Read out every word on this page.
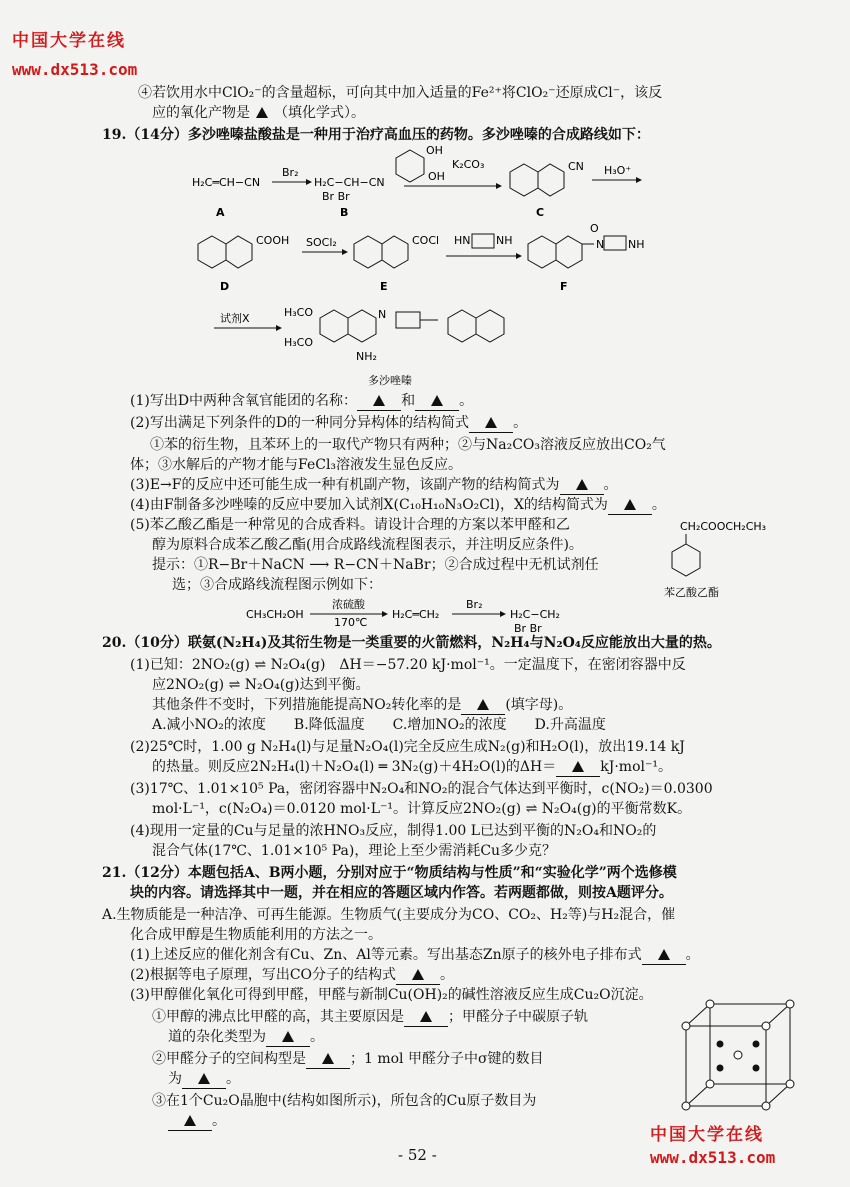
中国大学在线
www.dx513.com
中国大学在线
www.dx513.com
- 52 -
④若饮用水中ClO₂⁻的含量超标，可向其中加入适量的Fe²⁺将ClO₂⁻还原成Cl⁻，该反
应的氧化产物是 （填化学式）。
19.（14分）多沙唑嗪盐酸盐是一种用于治疗高血压的药物。多沙唑嗪的合成路线如下：
H₂C═CH−CN
A
Br₂
H₂C−CH−CN
Br Br
B
OH
OH
K₂CO₃	CN
C
H₃O⁺
COOH
D
SOCl₂	COCl
E
HN NH
O
N NH
F
试剂X	H₃CO
H₃CO
NH₂
N
多沙唑嗪
(1)写出D中两种含氧官能团的名称：	和	。
(2)写出满足下列条件的D的一种同分异构体的结构简式	。
①苯的衍生物，且苯环上的一取代产物只有两种；②与Na₂CO₃溶液反应放出CO₂气
体；③水解后的产物才能与FeCl₃溶液发生显色反应。
(3)E→F的反应中还可能生成一种有机副产物，该副产物的结构简式为	。
(4)由F制备多沙唑嗪的反应中要加入试剂X(C₁₀H₁₀N₃O₂Cl)，X的结构简式为	。
(5)苯乙酸乙酯是一种常见的合成香料。请设计合理的方案以苯甲醛和乙
醇为原料合成苯乙酸乙酯(用合成路线流程图表示，并注明反应条件)。
提示：①R−Br＋NaCN ⟶ R−CN＋NaBr；②合成过程中无机试剂任
选；③合成路线流程图示例如下：
CH₂COOCH₂CH₃
苯乙酸乙酯
CH₃CH₂OH
浓硫酸
170℃
H₂C═CH₂
Br₂
H₂C−CH₂
Br Br
20.（10分）联氨(N₂H₄)及其衍生物是一类重要的火箭燃料，N₂H₄与N₂O₄反应能放出大量的热。
(1)已知：2NO₂(g) ⇌ N₂O₄(g)　ΔH＝−57.20 kJ·mol⁻¹。一定温度下，在密闭容器中反
应2NO₂(g) ⇌ N₂O₄(g)达到平衡。
其他条件不变时，下列措施能提高NO₂转化率的是	(填字母)。
A.减小NO₂的浓度　　B.降低温度　　C.增加NO₂的浓度　　D.升高温度
(2)25℃时，1.00 g N₂H₄(l)与足量N₂O₄(l)完全反应生成N₂(g)和H₂O(l)，放出19.14 kJ
的热量。则反应2N₂H₄(l)＋N₂O₄(l) ═ 3N₂(g)＋4H₂O(l)的ΔH＝	kJ·mol⁻¹。
(3)17℃、1.01×10⁵ Pa，密闭容器中N₂O₄和NO₂的混合气体达到平衡时，c(NO₂)＝0.0300
mol·L⁻¹，c(N₂O₄)＝0.0120 mol·L⁻¹。计算反应2NO₂(g) ⇌ N₂O₄(g)的平衡常数K。
(4)现用一定量的Cu与足量的浓HNO₃反应，制得1.00 L已达到平衡的N₂O₄和NO₂的
混合气体(17℃、1.01×10⁵ Pa)，理论上至少需消耗Cu多少克？
21.（12分）本题包括A、B两小题，分别对应于“物质结构与性质”和“实验化学”两个选修模
块的内容。请选择其中一题，并在相应的答题区域内作答。若两题都做，则按A题评分。
A.生物质能是一种洁净、可再生能源。生物质气(主要成分为CO、CO₂、H₂等)与H₂混合，催
化合成甲醇是生物质能利用的方法之一。
(1)上述反应的催化剂含有Cu、Zn、Al等元素。写出基态Zn原子的核外电子排布式	。
(2)根据等电子原理，写出CO分子的结构式	。
(3)甲醇催化氧化可得到甲醛，甲醛与新制Cu(OH)₂的碱性溶液反应生成Cu₂O沉淀。
①甲醇的沸点比甲醛的高，其主要原因是	；甲醛分子中碳原子轨
道的杂化类型为	。
②甲醛分子的空间构型是	；1 mol 甲醛分子中σ键的数目
为	。
③在1个Cu₂O晶胞中(结构如图所示)，所包含的Cu原子数目为
。
